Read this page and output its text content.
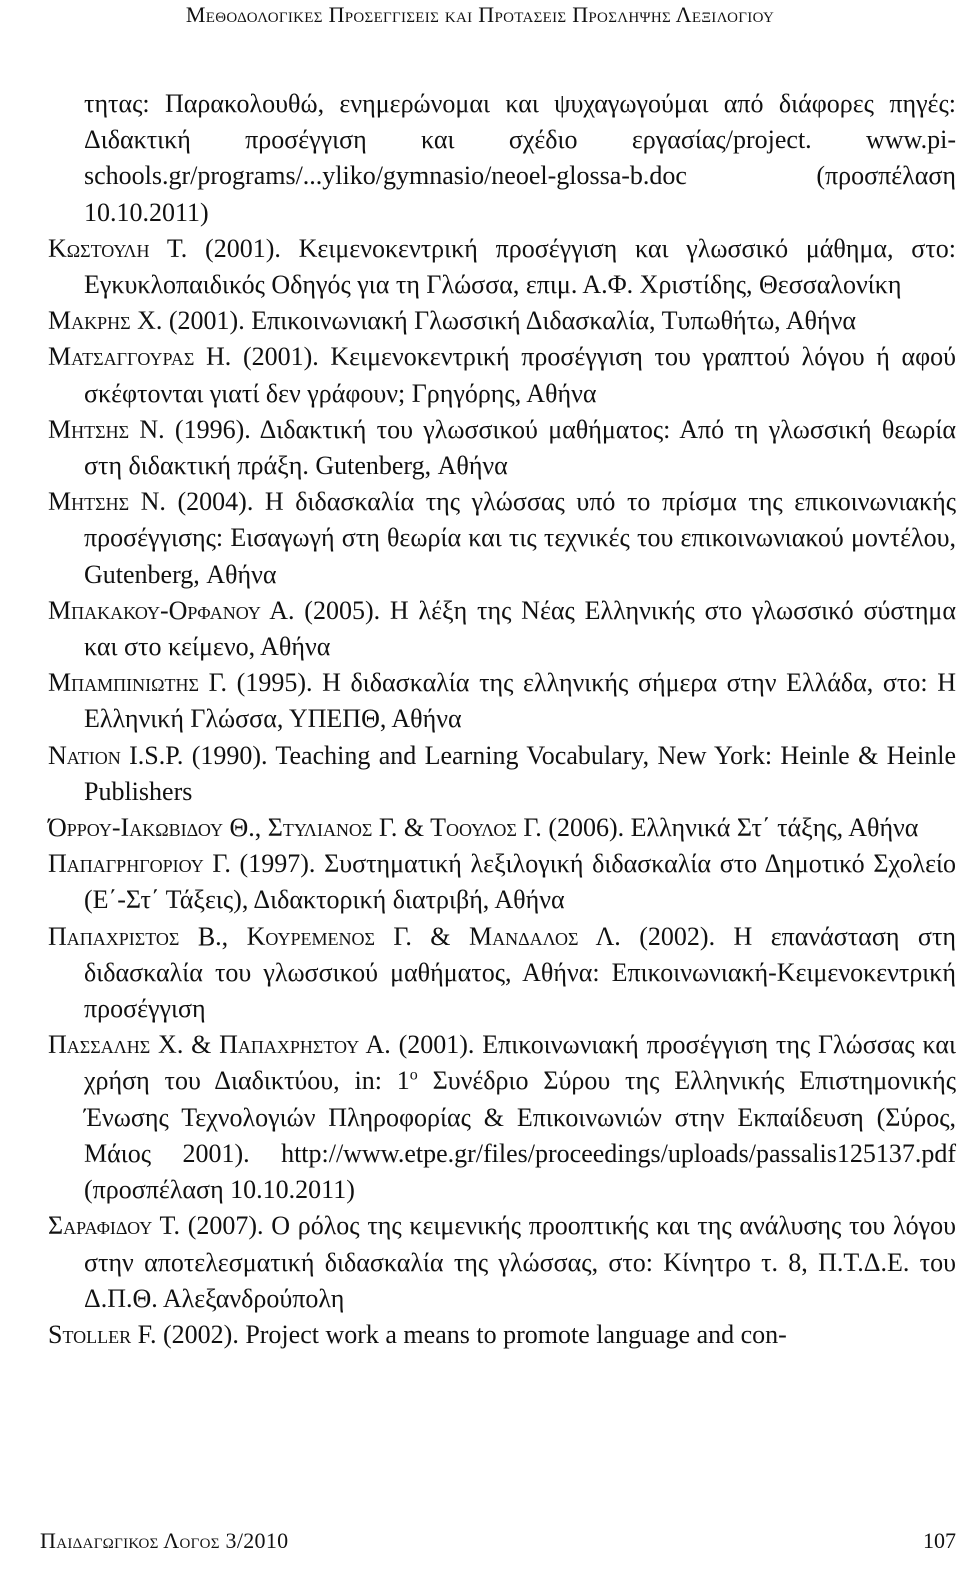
Μεθοδολογικες Προσεγγισεις και Προτασεις Προσληψης Λεξιλογιου
τητας: Παρακολουθώ, ενημερώνομαι και ψυχαγωγούμαι από διάφορες πηγές: Διδακτική προσέγγιση και σχέδιο εργασίας/project. www.pi-schools.gr/programs/...yliko/gymnasio/neoel-glossa-b.doc (προσπέλαση 10.10.2011)
Κωστουλη Τ. (2001). Κειμενοκεντρική προσέγγιση και γλωσσικό μάθημα, στο: Εγκυκλοπαιδικός Οδηγός για τη Γλώσσα, επιμ. Α.Φ. Χριστίδης, Θεσσαλονίκη
Μακρης Χ. (2001). Επικοινωνιακή Γλωσσική Διδασκαλία, Τυπωθήτω, Αθήνα
Ματσαγγουρας Η. (2001). Κειμενοκεντρική προσέγγιση του γραπτού λόγου ή αφού σκέφτονται γιατί δεν γράφουν; Γρηγόρης, Αθήνα
Μητσης Ν. (1996). Διδακτική του γλωσσικού μαθήματος: Από τη γλωσσική θεωρία στη διδακτική πράξη. Gutenberg, Αθήνα
Μητσης Ν. (2004). Η διδασκαλία της γλώσσας υπό το πρίσμα της επικοινωνιακής προσέγγισης: Εισαγωγή στη θεωρία και τις τεχνικές του επικοινωνιακού μοντέλου, Gutenberg, Αθήνα
Μπακακου-Ορφανου Α. (2005). Η λέξη της Νέας Ελληνικής στο γλωσσικό σύστημα και στο κείμενο, Αθήνα
Μπαμπινιωτης Γ. (1995). Η διδασκαλία της ελληνικής σήμερα στην Ελλάδα, στο: Η Ελληνική Γλώσσα, ΥΠΕΠΘ, Αθήνα
Nation I.S.P. (1990). Teaching and Learning Vocabulary, New York: Heinle & Heinle Publishers
Όρρου-Ιακωβιδου Θ., Στυλιανος Γ. & Τοουλος Γ. (2006). Ελληνικά Στ΄ τάξης, Αθήνα
Παπαγρηγοριου Γ. (1997). Συστηματική λεξιλογική διδασκαλία στο Δημοτικό Σχολείο (Ε΄-Στ΄ Τάξεις), Διδακτορική διατριβή, Αθήνα
Παπαχριστος Β., Κουρεμενος Γ. & Μανδαλος Λ. (2002). Η επανάσταση στη διδασκαλία του γλωσσικού μαθήματος, Αθήνα: Επικοινωνιακή-Κειμενοκεντρική προσέγγιση
Πασσαλης Χ. & Παπαχρηστου Α. (2001). Επικοινωνιακή προσέγγιση της Γλώσσας και χρήση του Διαδικτύου, in: $1^o$ Συνέδριο Σύρου της Ελληνικής Επιστημονικής Ένωσης Τεχνολογιών Πληροφορίας & Επικοινωνιών στην Εκπαίδευση (Σύρος, Μάιος 2001). http://www.etpe.gr/files/proceedings/uploads/passalis125137.pdf (προσπέλαση 10.10.2011)
Σαραφιδου Τ. (2007). Ο ρόλος της κειμενικής προοπτικής και της ανάλυσης του λόγου στην αποτελεσματική διδασκαλία της γλώσσας, στο: Κίνητρο τ. 8, Π.Τ.Δ.Ε. του Δ.Π.Θ. Αλεξανδρούπολη
Stoller F. (2002). Project work a means to promote language and con-
Παιδαγωγικος Λογος 3/2010	107
